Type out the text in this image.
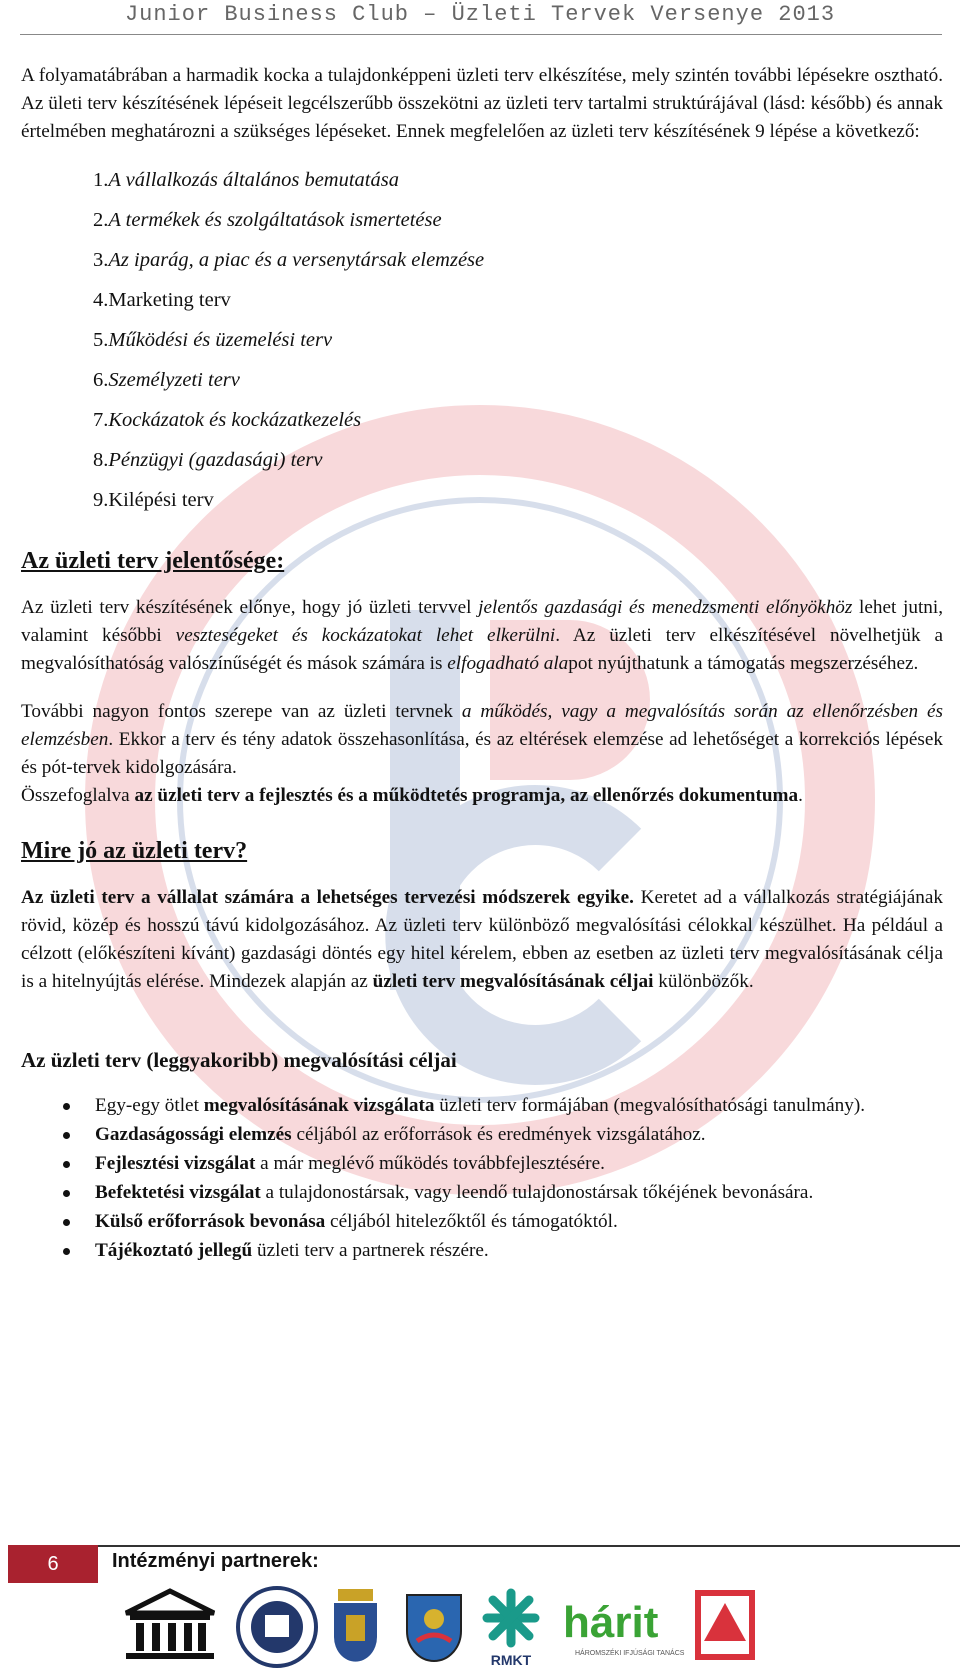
Junior Business Club – Üzleti Tervek Versenye 2013

A folyamatábrában a harmadik kocka a tulajdonképpeni üzleti terv elkészítése, mely szintén további lépésekre osztható. Az ületi terv készítésének lépéseit legcélszerűbb összekötni az üzleti terv tartalmi struktúrájával (lásd: később) és annak értelmében meghatározni a szükséges lépéseket. Ennek megfelelően az üzleti terv készítésének 9 lépése a következő:

1.A vállalkozás általános bemutatása
2.A termékek és szolgáltatások ismertetése
3.Az iparág, a piac és a versenytársak elemzése
4.Marketing terv
5.Működési és üzemelési terv
6.Személyzeti terv
7.Kockázatok és kockázatkezelés
8.Pénzügyi (gazdasági) terv
9.Kilépési terv
Az üzleti terv jelentősége:

Az üzleti terv készítésének előnye, hogy jó üzleti tervvel jelentős gazdasági és menedzsmenti előnyökhöz lehet jutni, valamint későbbi veszteségeket és kockázatokat lehet elkerülni. Az üzleti terv elkészítésével növelhetjük a megvalósíthatóság valószínűségét és mások számára is elfogadható alapot nyújthatunk a támogatás megszerzéséhez.

További nagyon fontos szerepe van az üzleti tervnek a működés, vagy a megvalósítás során az ellenőrzésben és elemzésben. Ekkor a terv és tény adatok összehasonlítása, és az eltérések elemzése ad lehetőséget a korrekciós lépések és pót-tervek kidolgozására.

Összefoglalva az üzleti terv a fejlesztés és a működtetés programja, az ellenőrzés dokumentuma.

Mire jó az üzleti terv?

Az üzleti terv a vállalat számára a lehetséges tervezési módszerek egyike. Keretet ad a vállalkozás stratégiájának rövid, közép és hosszú távú kidolgozásához. Az üzleti terv különböző megvalósítási célokkal készülhet. Ha például a célzott (előkészíteni kívánt) gazdasági döntés egy hitel kérelem, ebben az esetben az üzleti terv megvalósításának célja is a hitelnyújtás elérése. Mindezek alapján az üzleti terv megvalósításának céljai különbözők.

Az üzleti terv (leggyakoribb) megvalósítási céljai
Egy-egy ötlet megvalósításának vizsgálata üzleti terv formájában (megvalósíthatósági tanulmány).
Gazdaságossági elemzés céljából az erőforrások és eredmények vizsgálatához.
Fejlesztési vizsgálat a már meglévő működés továbbfejlesztésére.
Befektetési vizsgálat a tulajdonostársak, vagy leendő tulajdonostársak tőkéjének bevonására.
Külső erőforrások bevonása céljából hitelezőktől és támogatóktól.
Tájékoztató jellegű üzleti terv a partnerek részére.
6	Intézményi partnerek:
RMKT
hárit
HÁROMSZÉKI IFJÚSÁGI TANÁCS
